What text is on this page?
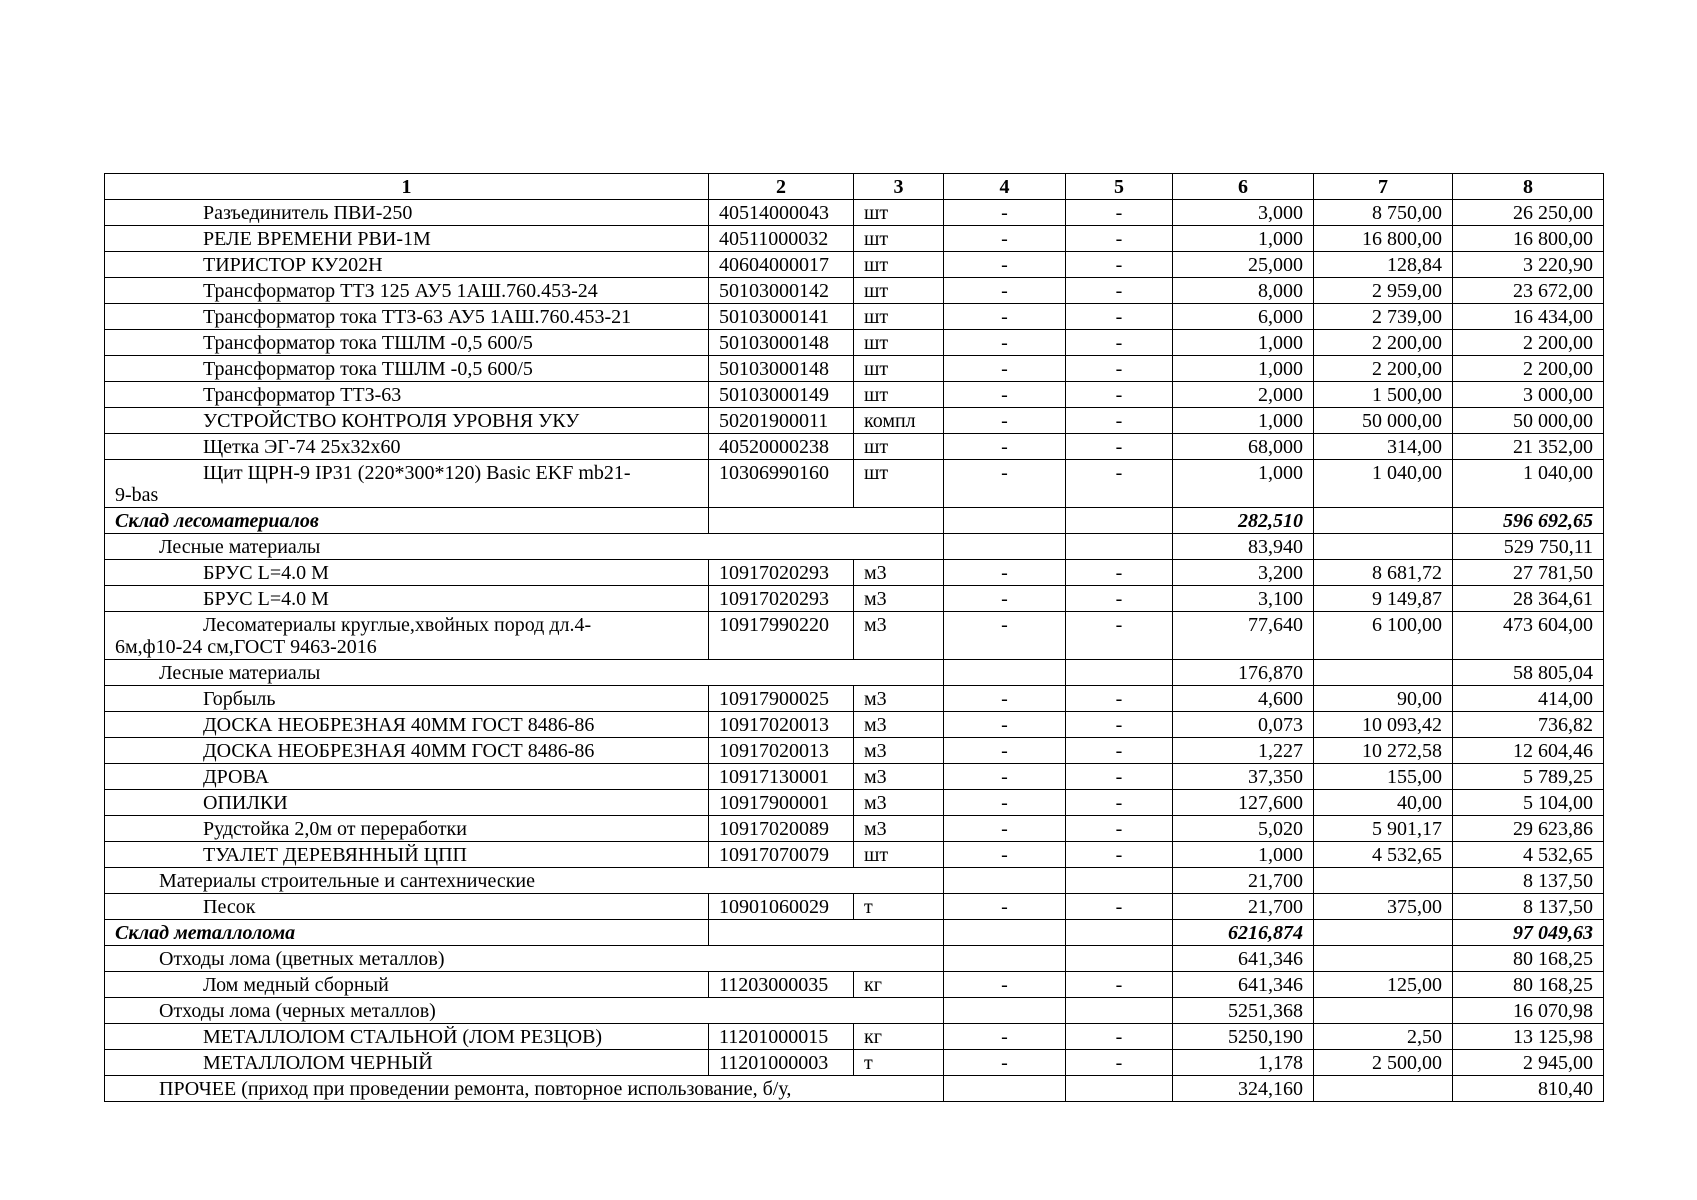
1	2	3	4	5	6	7	8
Разъединитель ПВИ-250	40514000043	шт	-	-	3,000	8 750,00	26 250,00
РЕЛЕ ВРЕМЕНИ РВИ-1М	40511000032	шт	-	-	1,000	16 800,00	16 800,00
ТИРИСТОР КУ202Н	40604000017	шт	-	-	25,000	128,84	3 220,90
Трансформатор ТТЗ 125 АУ5 1АШ.760.453-24	50103000142	шт	-	-	8,000	2 959,00	23 672,00
Трансформатор тока ТТЗ-63 АУ5 1АШ.760.453-21	50103000141	шт	-	-	6,000	2 739,00	16 434,00
Трансформатор тока ТШЛМ -0,5 600/5	50103000148	шт	-	-	1,000	2 200,00	2 200,00
Трансформатор тока ТШЛМ -0,5 600/5	50103000148	шт	-	-	1,000	2 200,00	2 200,00
Трансформатор ТТЗ-63	50103000149	шт	-	-	2,000	1 500,00	3 000,00
УСТРОЙСТВО КОНТРОЛЯ УРОВНЯ УКУ	50201900011	компл	-	-	1,000	50 000,00	50 000,00
Щетка ЭГ-74 25х32х60	40520000238	шт	-	-	68,000	314,00	21 352,00
Щит ЩРН-9 IP31 (220*300*120) Basic EKF mb21-
9-bas	10306990160	шт	-	-	1,000	1 040,00	1 040,00
Склад лесоматериалов					282,510		596 692,65
Лесные материалы					83,940		529 750,11
БРУС L=4.0 М	10917020293	м3	-	-	3,200	8 681,72	27 781,50
БРУС L=4.0 М	10917020293	м3	-	-	3,100	9 149,87	28 364,61
Лесоматериалы круглые,хвойных пород дл.4-
6м,ф10-24 см,ГОСТ 9463-2016	10917990220	м3	-	-	77,640	6 100,00	473 604,00
Лесные материалы					176,870		58 805,04
Горбыль	10917900025	м3	-	-	4,600	90,00	414,00
ДОСКА НЕОБРЕЗНАЯ 40ММ ГОСТ 8486-86	10917020013	м3	-	-	0,073	10 093,42	736,82
ДОСКА НЕОБРЕЗНАЯ 40ММ ГОСТ 8486-86	10917020013	м3	-	-	1,227	10 272,58	12 604,46
ДРОВА	10917130001	м3	-	-	37,350	155,00	5 789,25
ОПИЛКИ	10917900001	м3	-	-	127,600	40,00	5 104,00
Рудстойка 2,0м от переработки	10917020089	м3	-	-	5,020	5 901,17	29 623,86
ТУАЛЕТ ДЕРЕВЯННЫЙ ЦПП	10917070079	шт	-	-	1,000	4 532,65	4 532,65
Материалы строительные и сантехнические					21,700		8 137,50
Песок	10901060029	т	-	-	21,700	375,00	8 137,50
Склад металлолома					6216,874		97 049,63
Отходы лома (цветных металлов)					641,346		80 168,25
Лом медный сборный	11203000035	кг	-	-	641,346	125,00	80 168,25
Отходы лома (черных металлов)					5251,368		16 070,98
МЕТАЛЛОЛОМ СТАЛЬНОЙ (ЛОМ РЕЗЦОВ)	11201000015	кг	-	-	5250,190	2,50	13 125,98
МЕТАЛЛОЛОМ ЧЕРНЫЙ	11201000003	т	-	-	1,178	2 500,00	2 945,00
ПРОЧЕЕ (приход при проведении ремонта, повторное использование, б/у,					324,160		810,40
